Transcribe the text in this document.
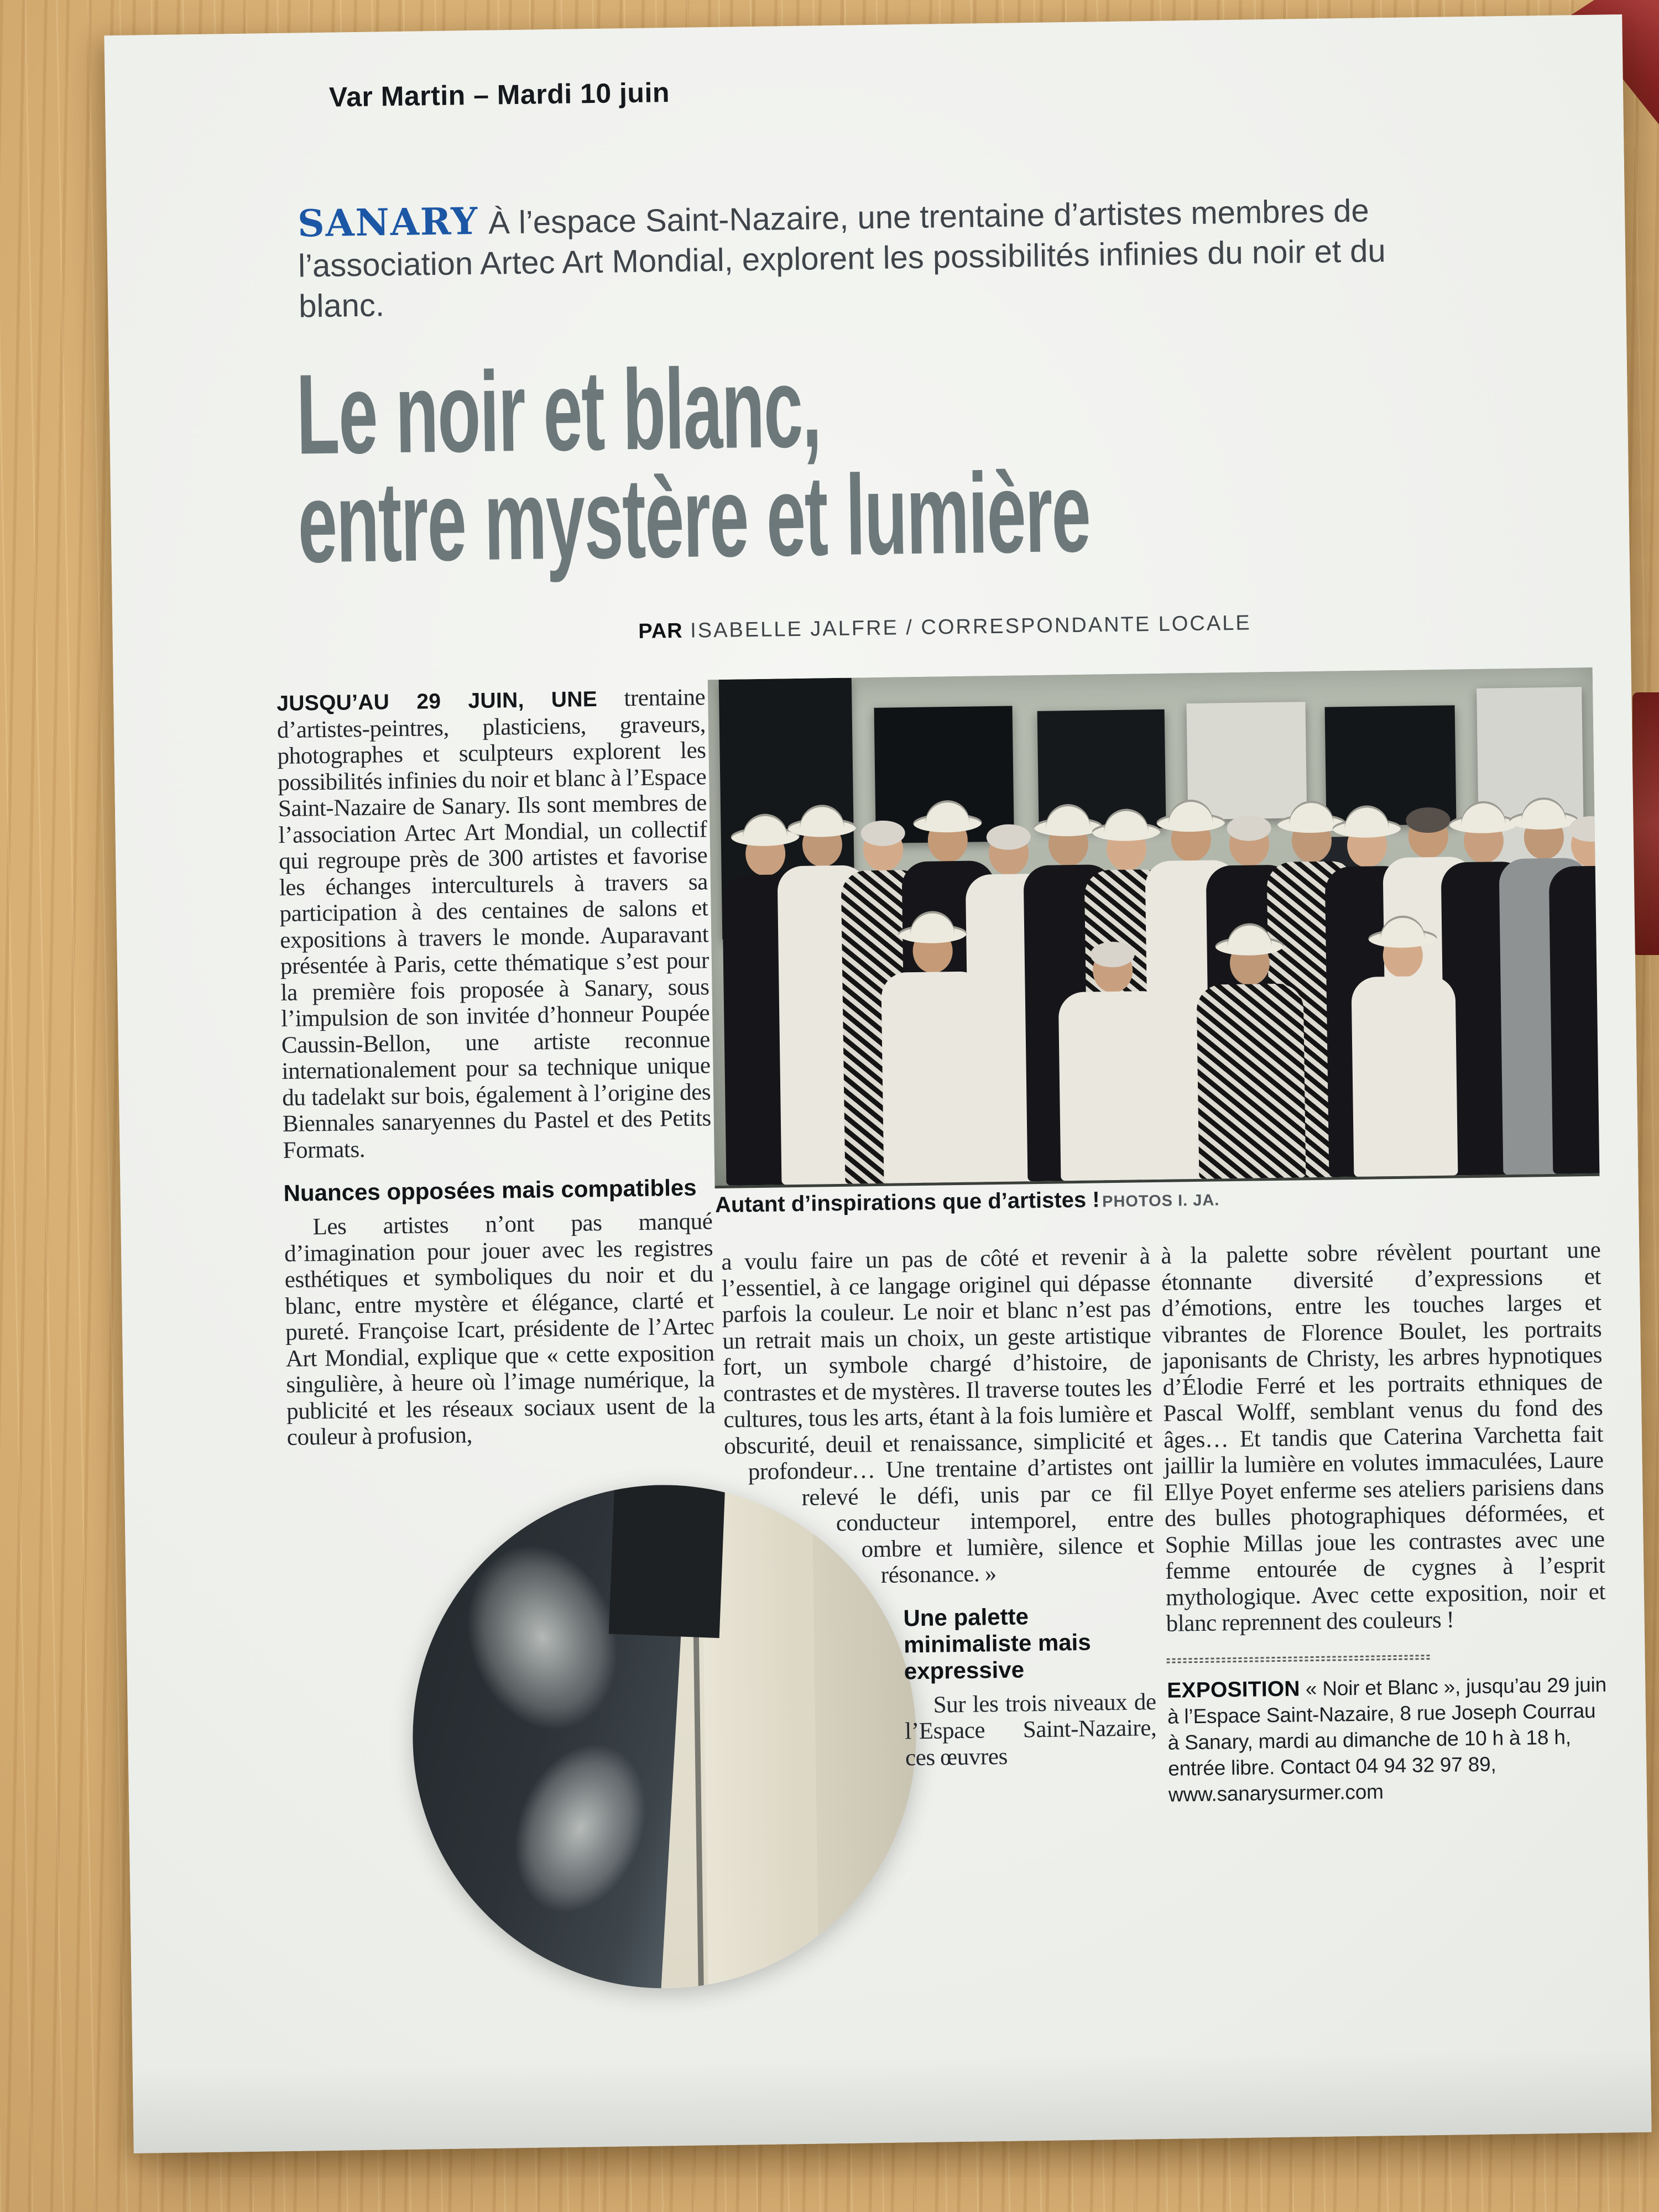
Var Martin – Mardi 10 juin
SANARY À l’espace Saint-Nazaire, une trentaine d’artistes membres de l’association Artec Art Mondial, explorent les possibilités infinies du noir et du blanc.
Le noir et blanc,
entre mystère et lumière
PAR ISABELLE JALFRE / CORRESPONDANTE LOCALE
Autant d’inspirations que d’artistes ! PHOTOS I. JA.

JUSQU’AU 29 JUIN, UNE trentaine d’artistes-peintres, plasticiens, graveurs, photographes et sculpteurs explorent les possibilités infinies du noir et blanc à l’Espace Saint-Nazaire de Sanary. Ils sont membres de l’association Artec Art Mondial, un collectif qui regroupe près de 300 artistes et favorise les échanges interculturels à travers sa participation à des centaines de salons et expositions à travers le monde. Auparavant présentée à Paris, cette thématique s’est pour la première fois proposée à Sanary, sous l’impulsion de son invitée d’honneur Poupée Caussin-Bellon, une artiste reconnue internationalement pour sa technique unique du tadelakt sur bois, également à l’origine des Biennales sanaryennes du Pastel et des Petits Formats.

Nuances opposées mais compatibles

Les artistes n’ont pas manqué d’imagination pour jouer avec les registres esthétiques et symboliques du noir et du blanc, entre mystère et élégance, clarté et pureté. Françoise Icart, présidente de l’Artec Art Mondial, explique que « cette exposition singulière, à heure où l’image numérique, la publicité et les réseaux sociaux usent de la couleur à profusion,

a voulu faire un pas de côté et revenir à l’essentiel, à ce langage originel qui dépasse parfois la couleur. Le noir et blanc n’est pas un retrait mais un choix, un geste artistique fort, un symbole chargé d’histoire, de contrastes et de mystères. Il traverse toutes les cultures, tous les arts, étant à la fois lumière et obscurité, deuil et renaissance, simplicité et profondeur… Une trentaine d’artistes ont relevé le défi, unis par ce fil conducteur intemporel, entre ombre et lumière, silence et résonance. »

Une palette minimaliste mais expressive

Sur les trois niveaux de l’Espace Saint-Nazaire, ces œuvres

à la palette sobre révèlent pourtant une étonnante diversité d’expressions et d’émotions, entre les touches larges et vibrantes de Florence Boulet, les portraits japonisants de Christy, les arbres hypnotiques d’Élodie Ferré et les portraits ethniques de Pascal Wolff, semblant venus du fond des âges… Et tandis que Caterina Varchetta fait jaillir la lumière en volutes immaculées, Laure Ellye Poyet enferme ses ateliers parisiens dans des bulles photographiques déformées, et Sophie Millas joue les contrastes avec une femme entourée de cygnes à l’esprit mythologique. Avec cette exposition, noir et blanc reprennent des couleurs !

EXPOSITION « Noir et Blanc », jusqu’au 29 juin à l’Espace Saint-Nazaire, 8 rue Joseph Courrau à Sanary, mardi au dimanche de 10 h à 18 h, entrée libre. Contact 04 94 32 97 89, www.sanarysurmer.com
